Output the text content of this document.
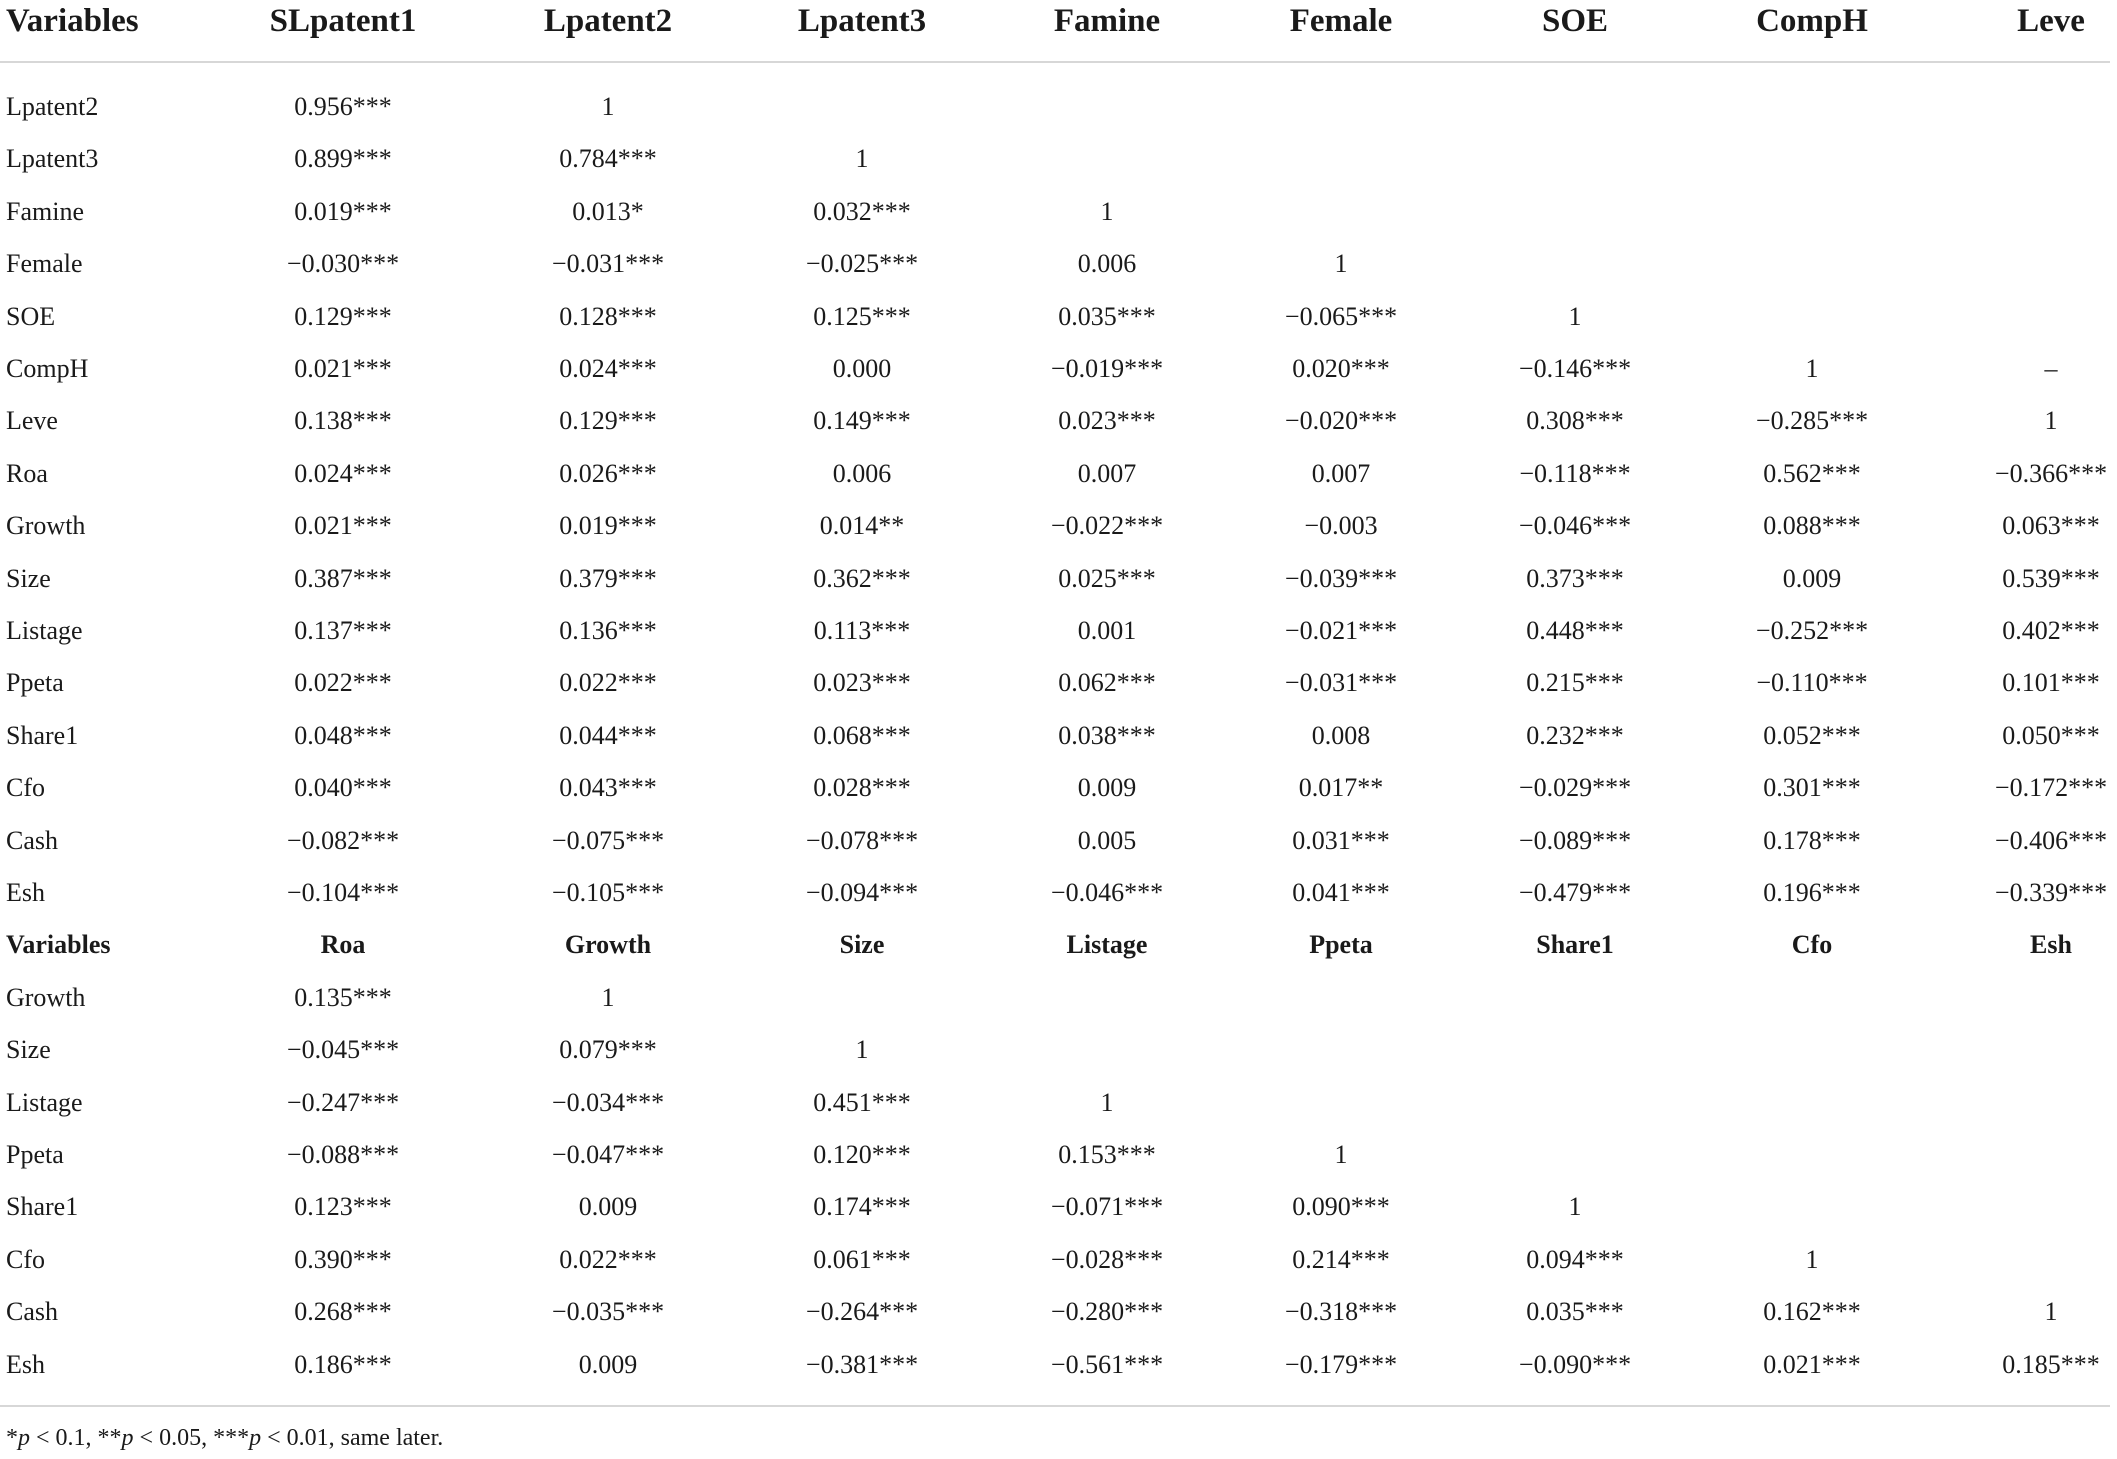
Variables	SLpatent1	Lpatent2	Lpatent3	Famine	Female	SOE	CompH	Leve
Lpatent2	0.956***	1
Lpatent3	0.899***	0.784***	1
Famine	0.019***	0.013*	0.032***	1
Female	−0.030***	−0.031***	−0.025***	0.006	1
SOE	0.129***	0.128***	0.125***	0.035***	−0.065***	1
CompH	0.021***	0.024***	0.000	−0.019***	0.020***	−0.146***	1	–
Leve	0.138***	0.129***	0.149***	0.023***	−0.020***	0.308***	−0.285***	1
Roa	0.024***	0.026***	0.006	0.007	0.007	−0.118***	0.562***	−0.366***
Growth	0.021***	0.019***	0.014**	−0.022***	−0.003	−0.046***	0.088***	0.063***
Size	0.387***	0.379***	0.362***	0.025***	−0.039***	0.373***	0.009	0.539***
Listage	0.137***	0.136***	0.113***	0.001	−0.021***	0.448***	−0.252***	0.402***
Ppeta	0.022***	0.022***	0.023***	0.062***	−0.031***	0.215***	−0.110***	0.101***
Share1	0.048***	0.044***	0.068***	0.038***	0.008	0.232***	0.052***	0.050***
Cfo	0.040***	0.043***	0.028***	0.009	0.017**	−0.029***	0.301***	−0.172***
Cash	−0.082***	−0.075***	−0.078***	0.005	0.031***	−0.089***	0.178***	−0.406***
Esh	−0.104***	−0.105***	−0.094***	−0.046***	0.041***	−0.479***	0.196***	−0.339***
Variables	Roa	Growth	Size	Listage	Ppeta	Share1	Cfo	Esh
Growth	0.135***	1
Size	−0.045***	0.079***	1
Listage	−0.247***	−0.034***	0.451***	1
Ppeta	−0.088***	−0.047***	0.120***	0.153***	1
Share1	0.123***	0.009	0.174***	−0.071***	0.090***	1
Cfo	0.390***	0.022***	0.061***	−0.028***	0.214***	0.094***	1
Cash	0.268***	−0.035***	−0.264***	−0.280***	−0.318***	0.035***	0.162***	1
Esh	0.186***	0.009	−0.381***	−0.561***	−0.179***	−0.090***	0.021***	0.185***
*p < 0.1, **p < 0.05, ***p < 0.01, same later.
